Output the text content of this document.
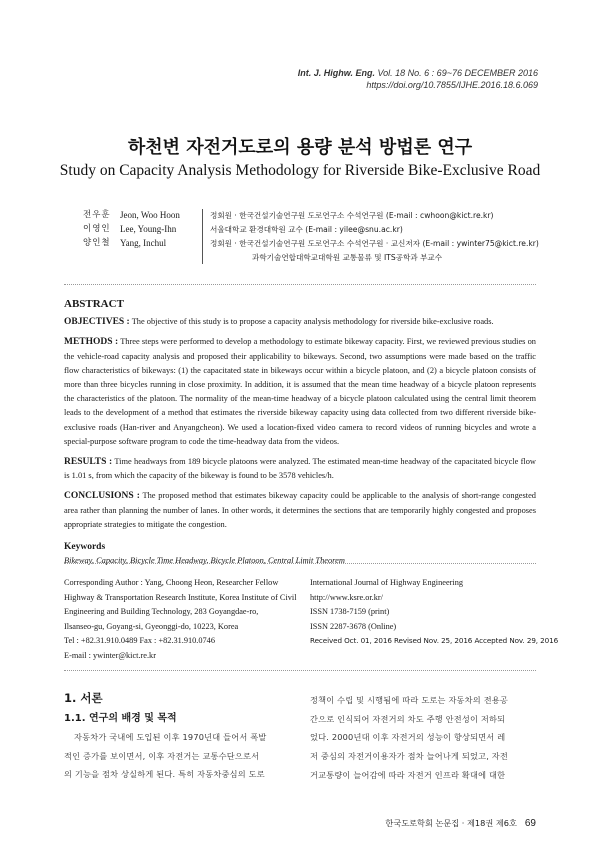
Int. J. Highw. Eng. Vol. 18 No. 6 : 69~76 DECEMBER 2016
https://doi.org/10.7855/IJHE.2016.18.6.069
하천변 자전거도로의 용량 분석 방법론 연구
Study on Capacity Analysis Methodology for Riverside Bike-Exclusive Road
전우훈 Jeon, Woo Hoon	정회원 · 한국건설기술연구원 도로연구소 수석연구원 (E-mail : cwhoon@kict.re.kr)
이영인 Lee, Young-Ihn	서울대학교 환경대학원 교수 (E-mail : yilee@snu.ac.kr)
양인철 Yang, Inchul	정회원 · 한국건설기술연구원 도로연구소 수석연구원 · 교신저자 (E-mail : ywinter75@kict.re.kr)
과학기술연합대학교대학원 교통물류 및 ITS공학과 부교수
ABSTRACT

OBJECTIVES : The objective of this study is to propose a capacity analysis methodology for riverside bike-exclusive roads.

METHODS : Three steps were performed to develop a methodology to estimate bikeway capacity. First, we reviewed previous studies on the vehicle-road capacity analysis and proposed their applicability to bikeways. Second, two assumptions were made based on the traffic flow characteristics of bikeways: (1) the capacitated state in bikeways occur within a bicycle platoon, and (2) a bicycle platoon consists of more than three bicycles running in close proximity. In addition, it is assumed that the mean time headway of a bicycle platoon represents the characteristics of the platoon. The normality of the mean-time headway of a bicycle platoon calculated using the central limit theorem leads to the development of a method that estimates the riverside bikeway capacity using data collected from two different riverside bike-exclusive roads (Han-river and Anyangcheon). We used a location-fixed video camera to record videos of running bicycles and wrote a special-purpose software program to code the time-headway data from the videos.

RESULTS : Time headways from 189 bicycle platoons were analyzed. The estimated mean-time headway of the capacitated bicycle flow is 1.01 s, from which the capacity of the bikeway is found to be 3578 vehicles/h.

CONCLUSIONS : The proposed method that estimates bikeway capacity could be applicable to the analysis of short-range congested area rather than planning the number of lanes. In other words, it determines the sections that are temporarily highly congested and proposes appropriate strategies to mitigate the congestion.

Keywords
Bikeway, Capacity, Bicycle Time Headway, Bicycle Platoon, Central Limit Theorem
Corresponding Author : Yang, Choong Heon, Researcher Fellow
Highway & Transportation Research Institute, Korea Institute of Civil
Engineering and Building Technology, 283 Goyangdae-ro,
Ilsanseo-gu, Goyang-si, Gyeonggi-do, 10223, Korea
Tel : +82.31.910.0489 Fax : +82.31.910.0746
E-mail : ywinter@kict.re.kr
International Journal of Highway Engineering
http://www.ksre.or.kr/
ISSN 1738-7159 (print)
ISSN 2287-3678 (Online)
Received Oct. 01, 2016 Revised Nov. 25, 2016 Accepted Nov. 29, 2016
1. 서론
1.1. 연구의 배경 및 목적
자동차가 국내에 도입된 이후 1970년대 들어서 폭발
적인 증가를 보이면서, 이후 자전거는 교통수단으로서
의 기능을 점차 상실하게 된다. 특히 자동차중심의 도로
정책이 수립 및 시행됨에 따라 도로는 자동차의 전용공
간으로 인식되어 자전거의 차도 주행 안전성이 저하되
었다. 2000년대 이후 자전거의 성능이 향상되면서 레
저 중심의 자전거이용자가 점차 늘어나게 되었고, 자전
거교통량이 늘어감에 따라 자전거 인프라 확대에 대한
한국도로학회 논문집 · 제18권 제6호 69
